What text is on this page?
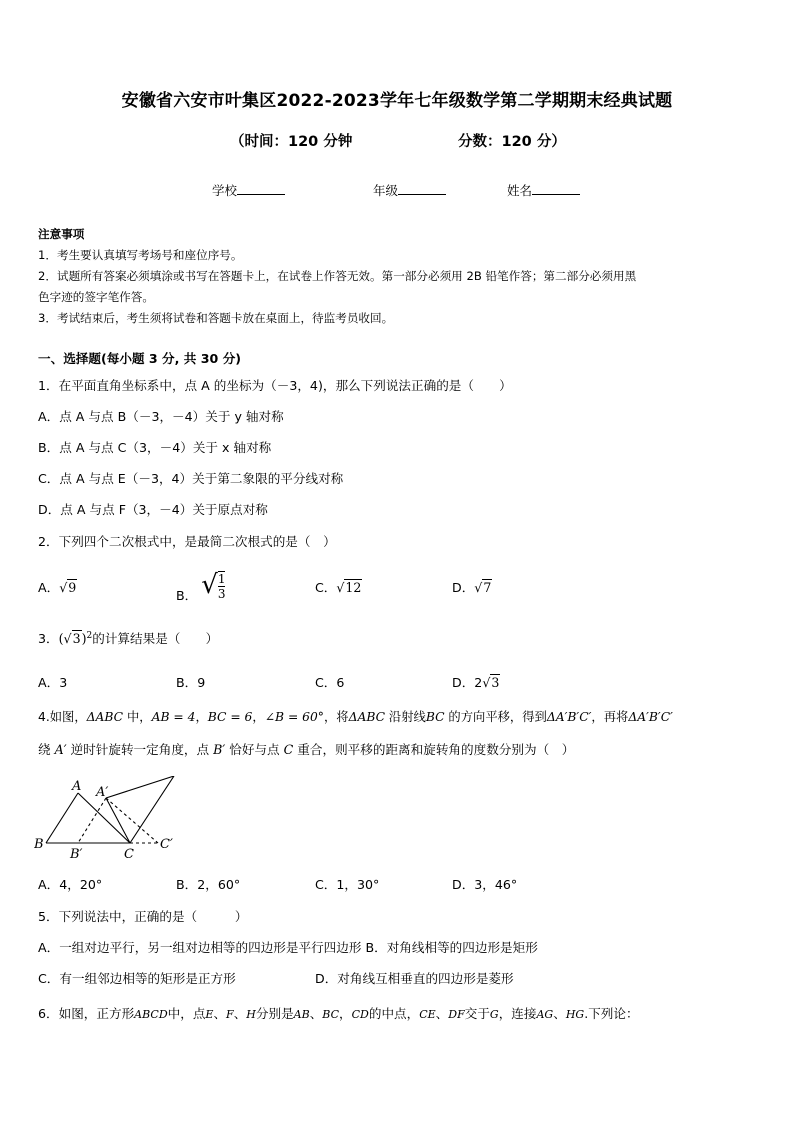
安徽省六安市叶集区2022-2023学年七年级数学第二学期期末经典试题
（时间：120 分钟	分数：120 分）
学校	年级	姓名
注意事项
1．考生要认真填写考场号和座位序号。
2．试题所有答案必须填涂或书写在答题卡上，在试卷上作答无效。第一部分必须用 2B 铅笔作答；第二部分必须用黑
色字迹的签字笔作答。
3．考试结束后，考生须将试卷和答题卡放在桌面上，待监考员收回。
一、选择题(每小题 3 分, 共 30 分)
1．在平面直角坐标系中，点 A 的坐标为（－3，4)，那么下列说法正确的是（　　）
A．点 A 与点 B（－3，－4）关于 y 轴对称
B．点 A 与点 C（3，－4）关于 x 轴对称
C．点 A 与点 E（－3，4）关于第二象限的平分线对称
D．点 A 与点 F（3，－4）关于原点对称
2．下列四个二次根式中，是最简二次根式的是（　）
A．√9
B． √ $\frac{1}{3}$	C．√12	D．√7
3．$(√3)^2$的计算结果是（　　）
A．3	B．9	C．6	D．2√3
4.如图，ΔABC 中，AB = 4，BC = 6，∠B = 60°，将ΔABC 沿射线BC 的方向平移，得到ΔA′B′C′，再将ΔA′B′C′
绕 A′ 逆时针旋转一定角度，点 B′ 恰好与点 C 重合，则平移的距离和旋转角的度数分别为（　）
A A′
B
B′	C
C′
A．4，20°	B．2，60°	C．1，30°	D．3，46°
5．下列说法中，正确的是（　　　）
A．一组对边平行，另一组对边相等的四边形是平行四边形 B．对角线相等的四边形是矩形
C．有一组邻边相等的矩形是正方形	D．对角线互相垂直的四边形是菱形
6．如图，正方形ABCD中，点E、F、H分别是AB、BC，CD的中点，CE、DF交于G，连接AG、HG.下列论：
